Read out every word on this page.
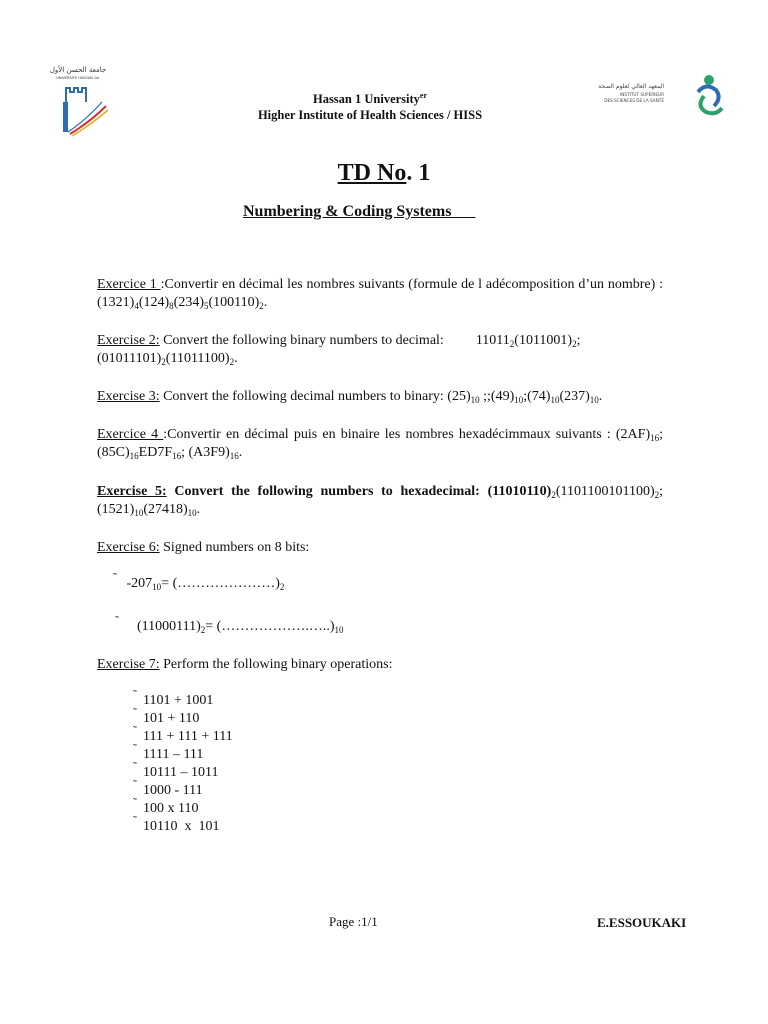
جامعة الحسن الأول
UNIVERSITÉ HASSAN 1er
Hassan 1 University$^{er}$
Higher Institute of Health Sciences / HISS
المعهد العالي لعلوم الصحة
INSTITUT SUPÉRIEUR
DES SCIENCES DE LA SANTÉ
TD No. 1
Numbering & Coding Systems
Exercice 1 :Convertir en décimal les nombres suivants (formule de l adécomposition d’un nombre) : $(1321)_4(124)_8(234)_5(100110)_2$.
Exercise 2: Convert the following binary numbers to decimal: $11011_2(1011001)_2$;
$(01011101)_2(11011100)_2$.
Exercise 3: Convert the following decimal numbers to binary: $(25)_{10}$ $;;(49)_{10};(74)_{10}(237)_{10}$.
Exercice 4 :Convertir en décimal puis en binaire les nombres hexadécimmaux suivants : $(2AF)_{16}$; $(85C)_{16}ED7F_{16}$; $(A3F9)_{16}$.
Exercise 5: Convert the following numbers to hexadecimal: $(11010110)_2(1101100101100)_2$; $(1521)_{10}(27418)_{10}$.
Exercise 6: Signed numbers on 8 bits:
˜ $-207_{10}=$ $(\dots\dots\dots\dots\dots\dots\dots)_2$
˜ $(11000111)_2=$ $(\dots\dots\dots\dots\dots\dots.\dots..)_{10}$
Exercise 7: Perform the following binary operations:
˜ 1101 + 1001
˜ 101 + 110
˜ 111 + 111 + 111
˜ 1111 – 111
˜ 10111 – 1011
˜ 1000 - 111
˜ 100 x 110
˜ 10110  x  101
Page :1/1	E.ESSOUKAKI
